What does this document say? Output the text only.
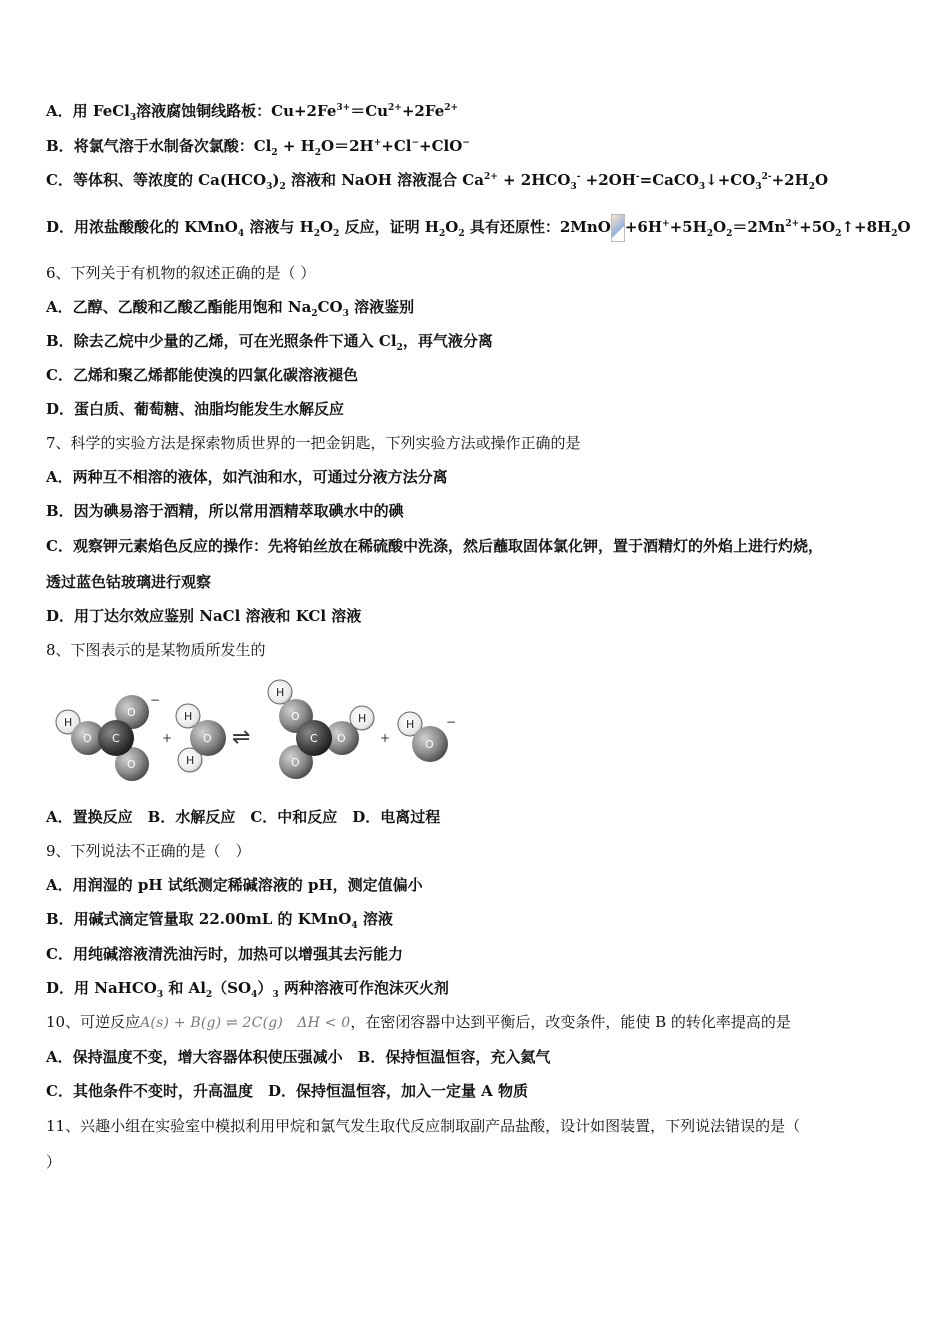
A．用 FeCl$_3$溶液腐蚀铜线路板：$Cu+2Fe^{3+}=Cu^{2+}+2Fe^{2+}$
B．将氯气溶于水制备次氯酸：$Cl_2 + H_2O=2H^++Cl^-+ClO^-$
C．等体积、等浓度的 $Ca(HCO_3)_2$ 溶液和 NaOH 溶液混合 $Ca^{2+} + 2HCO_3^-$ $+2OH^-=CaCO_3↓+CO_3^{2-}+2H_2O$
D．用浓盐酸酸化的 KMnO$_4$ 溶液与 $H_2O_2$ 反应，证明 $H_2O_2$ 具有还原性：$2MnO +6H^++5H_2O_2=2Mn^{2+}+5O_2↑+8H_2O$
6、下列关于有机物的叙述正确的是（ ）
A．乙醇、乙酸和乙酸乙酯能用饱和 $Na_2CO_3$ 溶液鉴别
B．除去乙烷中少量的乙烯，可在光照条件下通入 $Cl_2$，再气液分离
C．乙烯和聚乙烯都能使溴的四氯化碳溶液褪色
D．蛋白质、葡萄糖、油脂均能发生水解反应
7、科学的实验方法是探索物质世界的一把金钥匙，下列实验方法或操作正确的是
A．两种互不相溶的液体，如汽油和水，可通过分液方法分离
B．因为碘易溶于酒精，所以常用酒精萃取碘水中的碘
C．观察钾元素焰色反应的操作：先将铂丝放在稀硫酸中洗涤，然后蘸取固体氯化钾，置于酒精灯的外焰上进行灼烧，
透过蓝色钴玻璃进行观察
D．用丁达尔效应鉴别 NaCl 溶液和 KCl 溶液
8、下图表示的是某物质所发生的
H
O C
O
O
−
+
H
H
O ⇌
H
H
O
O
O
C	+
H
O
−
A．置换反应　B．水解反应　C．中和反应　D．电离过程
9、下列说法不正确的是（　）
A．用润湿的 pH 试纸测定稀碱溶液的 pH，测定值偏小
B．用碱式滴定管量取 22.00mL 的 KMnO$_4$ 溶液
C．用纯碱溶液清洗油污时，加热可以增强其去污能力
D．用 NaHCO$_3$ 和 $Al_2(SO_4)_3$ 两种溶液可作泡沫灭火剂
10、可逆反应A(s) + B(g) ⇌ 2C(g)　ΔH < 0，在密闭容器中达到平衡后，改变条件，能使 B 的转化率提高的是
A．保持温度不变，增大容器体积使压强减小　B．保持恒温恒容，充入氦气
C．其他条件不变时，升高温度　D．保持恒温恒容，加入一定量 A 物质
11、兴趣小组在实验室中模拟利用甲烷和氯气发生取代反应制取副产品盐酸，设计如图装置，下列说法错误的是（
）
